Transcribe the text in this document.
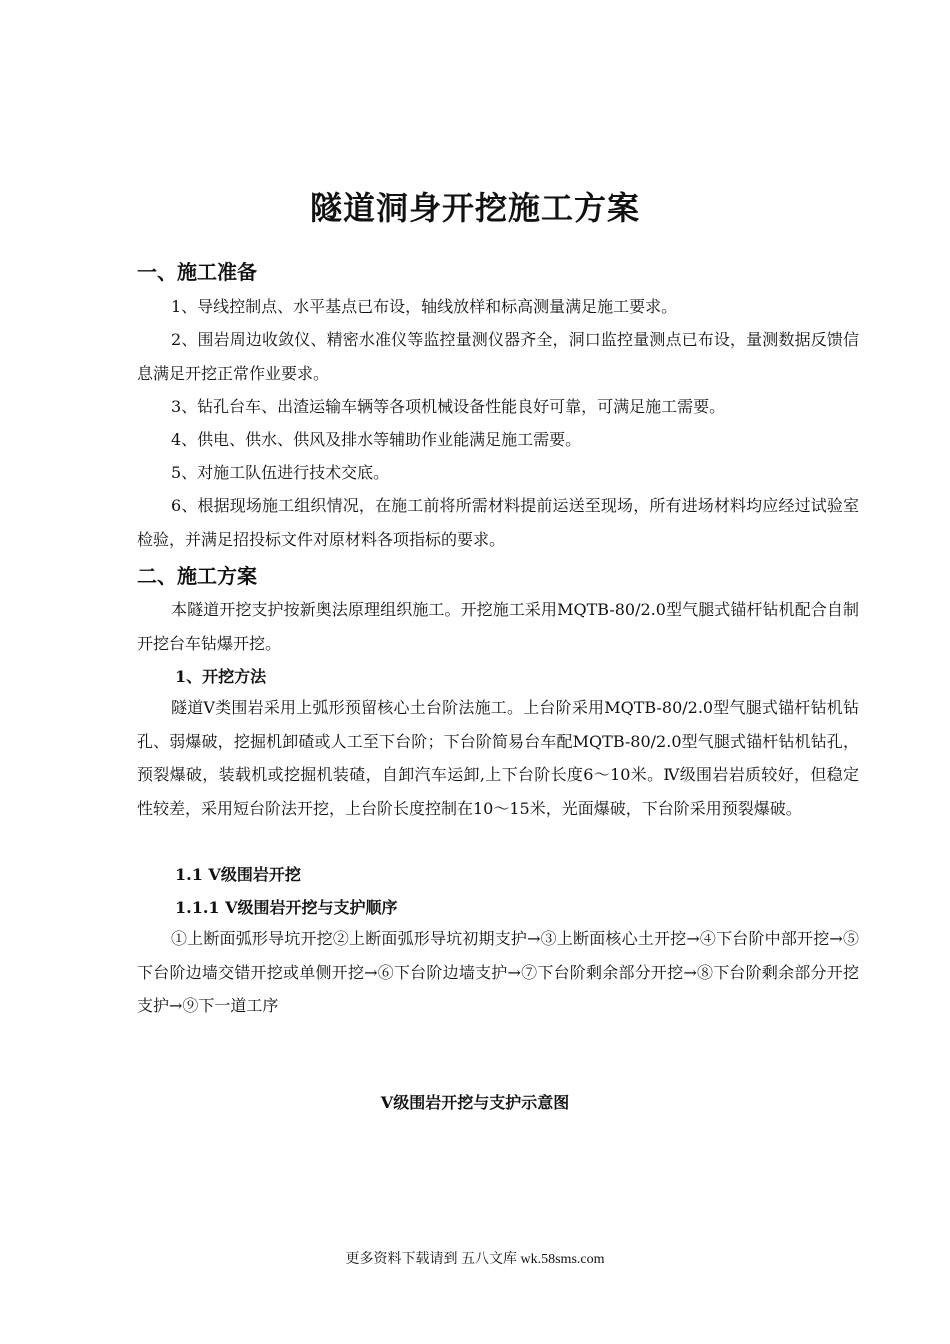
隧道洞身开挖施工方案
一、施工准备

1、导线控制点、水平基点已布设，轴线放样和标高测量满足施工要求。

2、围岩周边收敛仪、精密水准仪等监控量测仪器齐全，洞口监控量测点已布设，量测数据反馈信息满足开挖正常作业要求。

3、钻孔台车、出渣运输车辆等各项机械设备性能良好可靠，可满足施工需要。

4、供电、供水、供风及排水等辅助作业能满足施工需要。

5、对施工队伍进行技术交底。

6、根据现场施工组织情况，在施工前将所需材料提前运送至现场，所有进场材料均应经过试验室检验，并满足招投标文件对原材料各项指标的要求。

二、施工方案

本隧道开挖支护按新奥法原理组织施工。开挖施工采用MQTB-80/2.0型气腿式锚杆钻机配合自制开挖台车钻爆开挖。

1、开挖方法

隧道Ⅴ类围岩采用上弧形预留核心土台阶法施工。上台阶采用MQTB-80/2.0型气腿式锚杆钻机钻孔、弱爆破，挖掘机卸碴或人工至下台阶；下台阶简易台车配MQTB-80/2.0型气腿式锚杆钻机钻孔，预裂爆破，装载机或挖掘机装碴，自卸汽车运卸,上下台阶长度6～10米。Ⅳ级围岩岩质较好，但稳定性较差，采用短台阶法开挖，上台阶长度控制在10～15米，光面爆破，下台阶采用预裂爆破。

1.1 Ⅴ级围岩开挖
1.1.1 Ⅴ级围岩开挖与支护顺序

①上断面弧形导坑开挖②上断面弧形导坑初期支护→③上断面核心土开挖→④下台阶中部开挖→⑤下台阶边墙交错开挖或单侧开挖→⑥下台阶边墙支护→⑦下台阶剩余部分开挖→⑧下台阶剩余部分开挖支护→⑨下一道工序

Ⅴ级围岩开挖与支护示意图
更多资料下载请到 五八文库 wk.58sms.com
